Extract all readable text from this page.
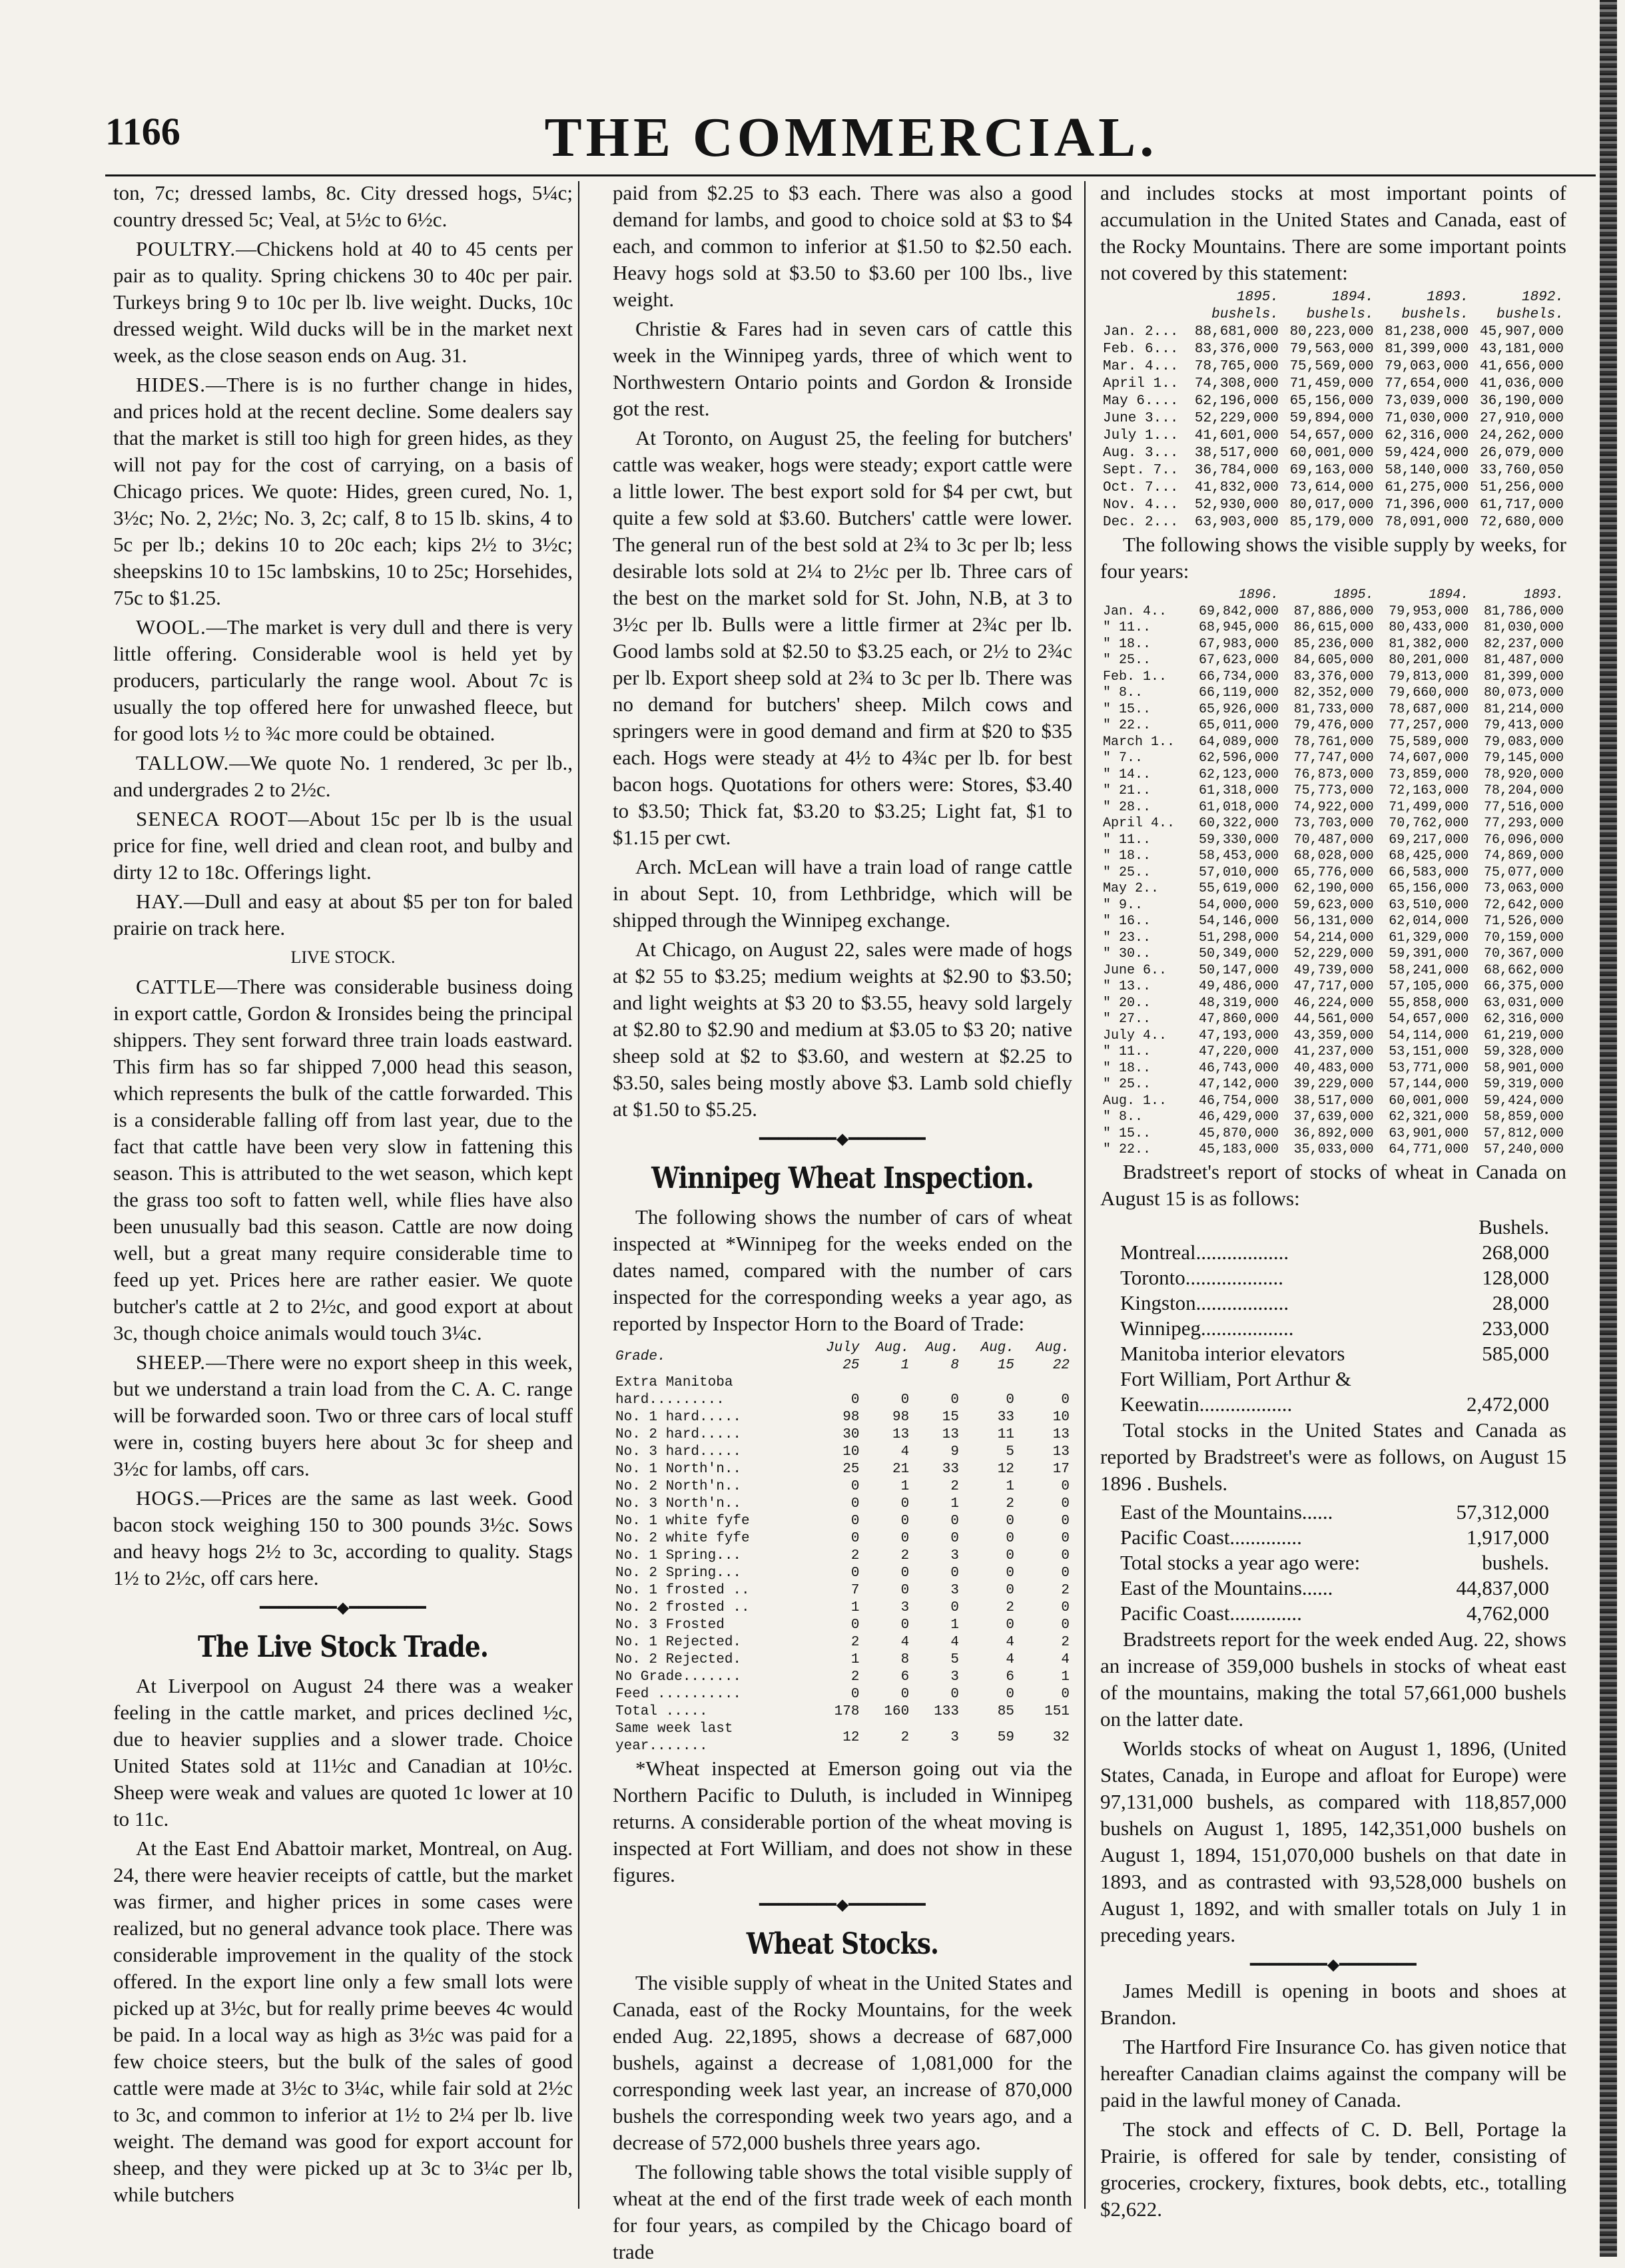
1166	THE COMMERCIAL.

ton, 7c; dressed lambs, 8c. City dressed hogs, 5¼c; country dressed 5c; Veal, at 5½c to 6½c.

POULTRY.—Chickens hold at 40 to 45 cents per pair as to quality. Spring chickens 30 to 40c per pair. Turkeys bring 9 to 10c per lb. live weight. Ducks, 10c dressed weight. Wild ducks will be in the market next week, as the close season ends on Aug. 31.

HIDES.—There is is no further change in hides, and prices hold at the recent decline. Some dealers say that the market is still too high for green hides, as they will not pay for the cost of carrying, on a basis of Chicago prices. We quote: Hides, green cured, No. 1, 3½c; No. 2, 2½c; No. 3, 2c; calf, 8 to 15 lb. skins, 4 to 5c per lb.; dekins 10 to 20c each; kips 2½ to 3½c; sheepskins 10 to 15c lambskins, 10 to 25c; Horsehides, 75c to $1.25.

WOOL.—The market is very dull and there is very little offering. Considerable wool is held yet by producers, particularly the range wool. About 7c is usually the top offered here for unwashed fleece, but for good lots ½ to ¾c more could be obtained.

TALLOW.—We quote No. 1 rendered, 3c per lb., and undergrades 2 to 2½c.

SENECA ROOT—About 15c per lb is the usual price for fine, well dried and clean root, and bulby and dirty 12 to 18c. Offerings light.

HAY.—Dull and easy at about $5 per ton for baled prairie on track here.

LIVE STOCK.

CATTLE—There was considerable business doing in export cattle, Gordon & Ironsides being the principal shippers. They sent forward three train loads eastward. This firm has so far shipped 7,000 head this season, which represents the bulk of the cattle forwarded. This is a considerable falling off from last year, due to the fact that cattle have been very slow in fattening this season. This is attributed to the wet season, which kept the grass too soft to fatten well, while flies have also been unusually bad this season. Cattle are now doing well, but a great many require considerable time to feed up yet. Prices here are rather easier. We quote butcher's cattle at 2 to 2½c, and good export at about 3c, though choice animals would touch 3¼c.

SHEEP.—There were no export sheep in this week, but we understand a train load from the C. A. C. range will be forwarded soon. Two or three cars of local stuff were in, costing buyers here about 3c for sheep and 3½c for lambs, off cars.

HOGS.—Prices are the same as last week. Good bacon stock weighing 150 to 300 pounds 3½c. Sows and heavy hogs 2½ to 3c, according to quality. Stags 1½ to 2½c, off cars here.

━━━━━━━━◆━━━━━━━━
The Live Stock Trade.

At Liverpool on August 24 there was a weaker feeling in the cattle market, and prices declined ½c, due to heavier supplies and a slower trade. Choice United States sold at 11½c and Canadian at 10½c. Sheep were weak and values are quoted 1c lower at 10 to 11c.

At the East End Abattoir market, Montreal, on Aug. 24, there were heavier receipts of cattle, but the market was firmer, and higher prices in some cases were realized, but no general advance took place. There was considerable improvement in the quality of the stock offered. In the export line only a few small lots were picked up at 3½c, but for really prime beeves 4c would be paid. In a local way as high as 3½c was paid for a few choice steers, but the bulk of the sales of good cattle were made at 3½c to 3¼c, while fair sold at 2½c to 3c, and common to inferior at 1½ to 2¼ per lb. live weight. The demand was good for export account for sheep, and they were picked up at 3c to 3¼c per lb, while butchers

paid from $2.25 to $3 each. There was also a good demand for lambs, and good to choice sold at $3 to $4 each, and common to inferior at $1.50 to $2.50 each. Heavy hogs sold at $3.50 to $3.60 per 100 lbs., live weight.

Christie & Fares had in seven cars of cattle this week in the Winnipeg yards, three of which went to Northwestern Ontario points and Gordon & Ironside got the rest.

At Toronto, on August 25, the feeling for butchers' cattle was weaker, hogs were steady; export cattle were a little lower. The best export sold for $4 per cwt, but quite a few sold at $3.60. Butchers' cattle were lower. The general run of the best sold at 2¾ to 3c per lb; less desirable lots sold at 2¼ to 2½c per lb. Three cars of the best on the market sold for St. John, N.B, at 3 to 3½c per lb. Bulls were a little firmer at 2¾c per lb. Good lambs sold at $2.50 to $3.25 each, or 2½ to 2¾c per lb. Export sheep sold at 2¾ to 3c per lb. There was no demand for butchers' sheep. Milch cows and springers were in good demand and firm at $20 to $35 each. Hogs were steady at 4½ to 4¾c per lb. for best bacon hogs. Quotations for others were: Stores, $3.40 to $3.50; Thick fat, $3.20 to $3.25; Light fat, $1 to $1.15 per cwt.

Arch. McLean will have a train load of range cattle in about Sept. 10, from Lethbridge, which will be shipped through the Winnipeg exchange.

At Chicago, on August 22, sales were made of hogs at $2 55 to $3.25; medium weights at $2.90 to $3.50; and light weights at $3 20 to $3.55, heavy sold largely at $2.80 to $2.90 and medium at $3.05 to $3 20; native sheep sold at $2 to $3.60, and western at $2.25 to $3.50, sales being mostly above $3. Lamb sold chiefly at $1.50 to $5.25.

━━━━━━━━◆━━━━━━━━
Winnipeg Wheat Inspection.

The following shows the number of cars of wheat inspected at *Winnipeg for the weeks ended on the dates named, compared with the number of cars inspected for the corresponding weeks a year ago, as reported by Inspector Horn to the Board of Trade:

Grade.	July 25	Aug. 1	Aug. 8	Aug. 15	Aug. 22
Extra Manitoba					
hard.........	0	0	0	0	0
No. 1 hard.....	98	98	15	33	10
No. 2 hard.....	30	13	13	11	13
No. 3 hard.....	10	4	9	5	13
No. 1 North'n..	25	21	33	12	17
No. 2 North'n..	0	1	2	1	0
No. 3 North'n..	0	0	1	2	0
No. 1 white fyfe	0	0	0	0	0
No. 2 white fyfe	0	0	0	0	0
No. 1 Spring...	2	2	3	0	0
No. 2 Spring...	0	0	0	0	0
No. 1 frosted ..	7	0	3	0	2
No. 2 frosted ..	1	3	0	2	0
No. 3 Frosted	0	0	1	0	0
No. 1 Rejected.	2	4	4	4	2
No. 2 Rejected.	1	8	5	4	4
No Grade.......	2	6	3	6	1
Feed ..........	0	0	0	0	0
Total .....	178	160	133	85	151
Same week last year.......	12	2	3	59	32

*Wheat inspected at Emerson going out via the Northern Pacific to Duluth, is included in Winnipeg returns. A considerable portion of the wheat moving is inspected at Fort William, and does not show in these figures.

━━━━━━━━◆━━━━━━━━
Wheat Stocks.

The visible supply of wheat in the United States and Canada, east of the Rocky Mountains, for the week ended Aug. 22,1895, shows a decrease of 687,000 bushels, against a decrease of 1,081,000 for the corresponding week last year, an increase of 870,000 bushels the corresponding week two years ago, and a decrease of 572,000 bushels three years ago.

The following table shows the total visible supply of wheat at the end of the first trade week of each month for four years, as compiled by the Chicago board of trade

and includes stocks at most important points of accumulation in the United States and Canada, east of the Rocky Mountains. There are some important points not covered by this statement:

	1895.	1894.	1893.	1892.
	bushels.	bushels.	bushels.	bushels.
Jan. 2...	88,681,000	80,223,000	81,238,000	45,907,000
Feb. 6...	83,376,000	79,563,000	81,399,000	43,181,000
Mar. 4...	78,765,000	75,569,000	79,063,000	41,656,000
April 1..	74,308,000	71,459,000	77,654,000	41,036,000
May 6....	62,196,000	65,156,000	73,039,000	36,190,000
June 3...	52,229,000	59,894,000	71,030,000	27,910,000
July 1...	41,601,000	54,657,000	62,316,000	24,262,000
Aug. 3...	38,517,000	60,001,000	59,424,000	26,079,000
Sept. 7..	36,784,000	69,163,000	58,140,000	33,760,050
Oct. 7...	41,832,000	73,614,000	61,275,000	51,256,000
Nov. 4...	52,930,000	80,017,000	71,396,000	61,717,000
Dec. 2...	63,903,000	85,179,000	78,091,000	72,680,000

The following shows the visible supply by weeks, for four years:

	1896.	1895.	1894.	1893.
Jan. 4..	69,842,000	87,886,000	79,953,000	81,786,000
" 11..	68,945,000	86,615,000	80,433,000	81,030,000
" 18..	67,983,000	85,236,000	81,382,000	82,237,000
" 25..	67,623,000	84,605,000	80,201,000	81,487,000
Feb. 1..	66,734,000	83,376,000	79,813,000	81,399,000
" 8..	66,119,000	82,352,000	79,660,000	80,073,000
" 15..	65,926,000	81,733,000	78,687,000	81,214,000
" 22..	65,011,000	79,476,000	77,257,000	79,413,000
March 1..	64,089,000	78,761,000	75,589,000	79,083,000
" 7..	62,596,000	77,747,000	74,607,000	79,145,000
" 14..	62,123,000	76,873,000	73,859,000	78,920,000
" 21..	61,318,000	75,773,000	72,163,000	78,204,000
" 28..	61,018,000	74,922,000	71,499,000	77,516,000
April 4..	60,322,000	73,703,000	70,762,000	77,293,000
" 11..	59,330,000	70,487,000	69,217,000	76,096,000
" 18..	58,453,000	68,028,000	68,425,000	74,869,000
" 25..	57,010,000	65,776,000	66,583,000	75,077,000
May 2..	55,619,000	62,190,000	65,156,000	73,063,000
" 9..	54,000,000	59,623,000	63,510,000	72,642,000
" 16..	54,146,000	56,131,000	62,014,000	71,526,000
" 23..	51,298,000	54,214,000	61,329,000	70,159,000
" 30..	50,349,000	52,229,000	59,391,000	70,367,000
June 6..	50,147,000	49,739,000	58,241,000	68,662,000
" 13..	49,486,000	47,717,000	57,105,000	66,375,000
" 20..	48,319,000	46,224,000	55,858,000	63,031,000
" 27..	47,860,000	44,561,000	54,657,000	62,316,000
July 4..	47,193,000	43,359,000	54,114,000	61,219,000
" 11..	47,220,000	41,237,000	53,151,000	59,328,000
" 18..	46,743,000	40,483,000	53,771,000	58,901,000
" 25..	47,142,000	39,229,000	57,144,000	59,319,000
Aug. 1..	46,754,000	38,517,000	60,001,000	59,424,000
" 8..	46,429,000	37,639,000	62,321,000	58,859,000
" 15..	45,870,000	36,892,000	63,901,000	57,812,000
" 22..	45,183,000	35,033,000	64,771,000	57,240,000

Bradstreet's report of stocks of wheat in Canada on August 15 is as follows:

	Bushels.
Montreal..................	268,000
Toronto...................	128,000
Kingston..................	28,000
Winnipeg..................	233,000
Manitoba interior elevators	585,000
Fort William, Port Arthur &	
Keewatin..................	2,472,000

Total stocks in the United States and Canada as reported by Bradstreet's were as follows, on August 15 1896 . Bushels.

East of the Mountains......	57,312,000
Pacific Coast..............	1,917,000
Total stocks a year ago were:	bushels.
East of the Mountains......	44,837,000
Pacific Coast..............	4,762,000

Bradstreets report for the week ended Aug. 22, shows an increase of 359,000 bushels in stocks of wheat east of the mountains, making the total 57,661,000 bushels on the latter date.

Worlds stocks of wheat on August 1, 1896, (United States, Canada, in Europe and afloat for Europe) were 97,131,000 bushels, as compared with 118,857,000 bushels on August 1, 1895, 142,351,000 bushels on August 1, 1894, 151,070,000 bushels on that date in 1893, and as contrasted with 93,528,000 bushels on August 1, 1892, and with smaller totals on July 1 in preceding years.

━━━━━━━━◆━━━━━━━━

James Medill is opening in boots and shoes at Brandon.

The Hartford Fire Insurance Co. has given notice that hereafter Canadian claims against the company will be paid in the lawful money of Canada.

The stock and effects of C. D. Bell, Portage la Prairie, is offered for sale by tender, consisting of groceries, crockery, fixtures, book debts, etc., totalling $2,622.
